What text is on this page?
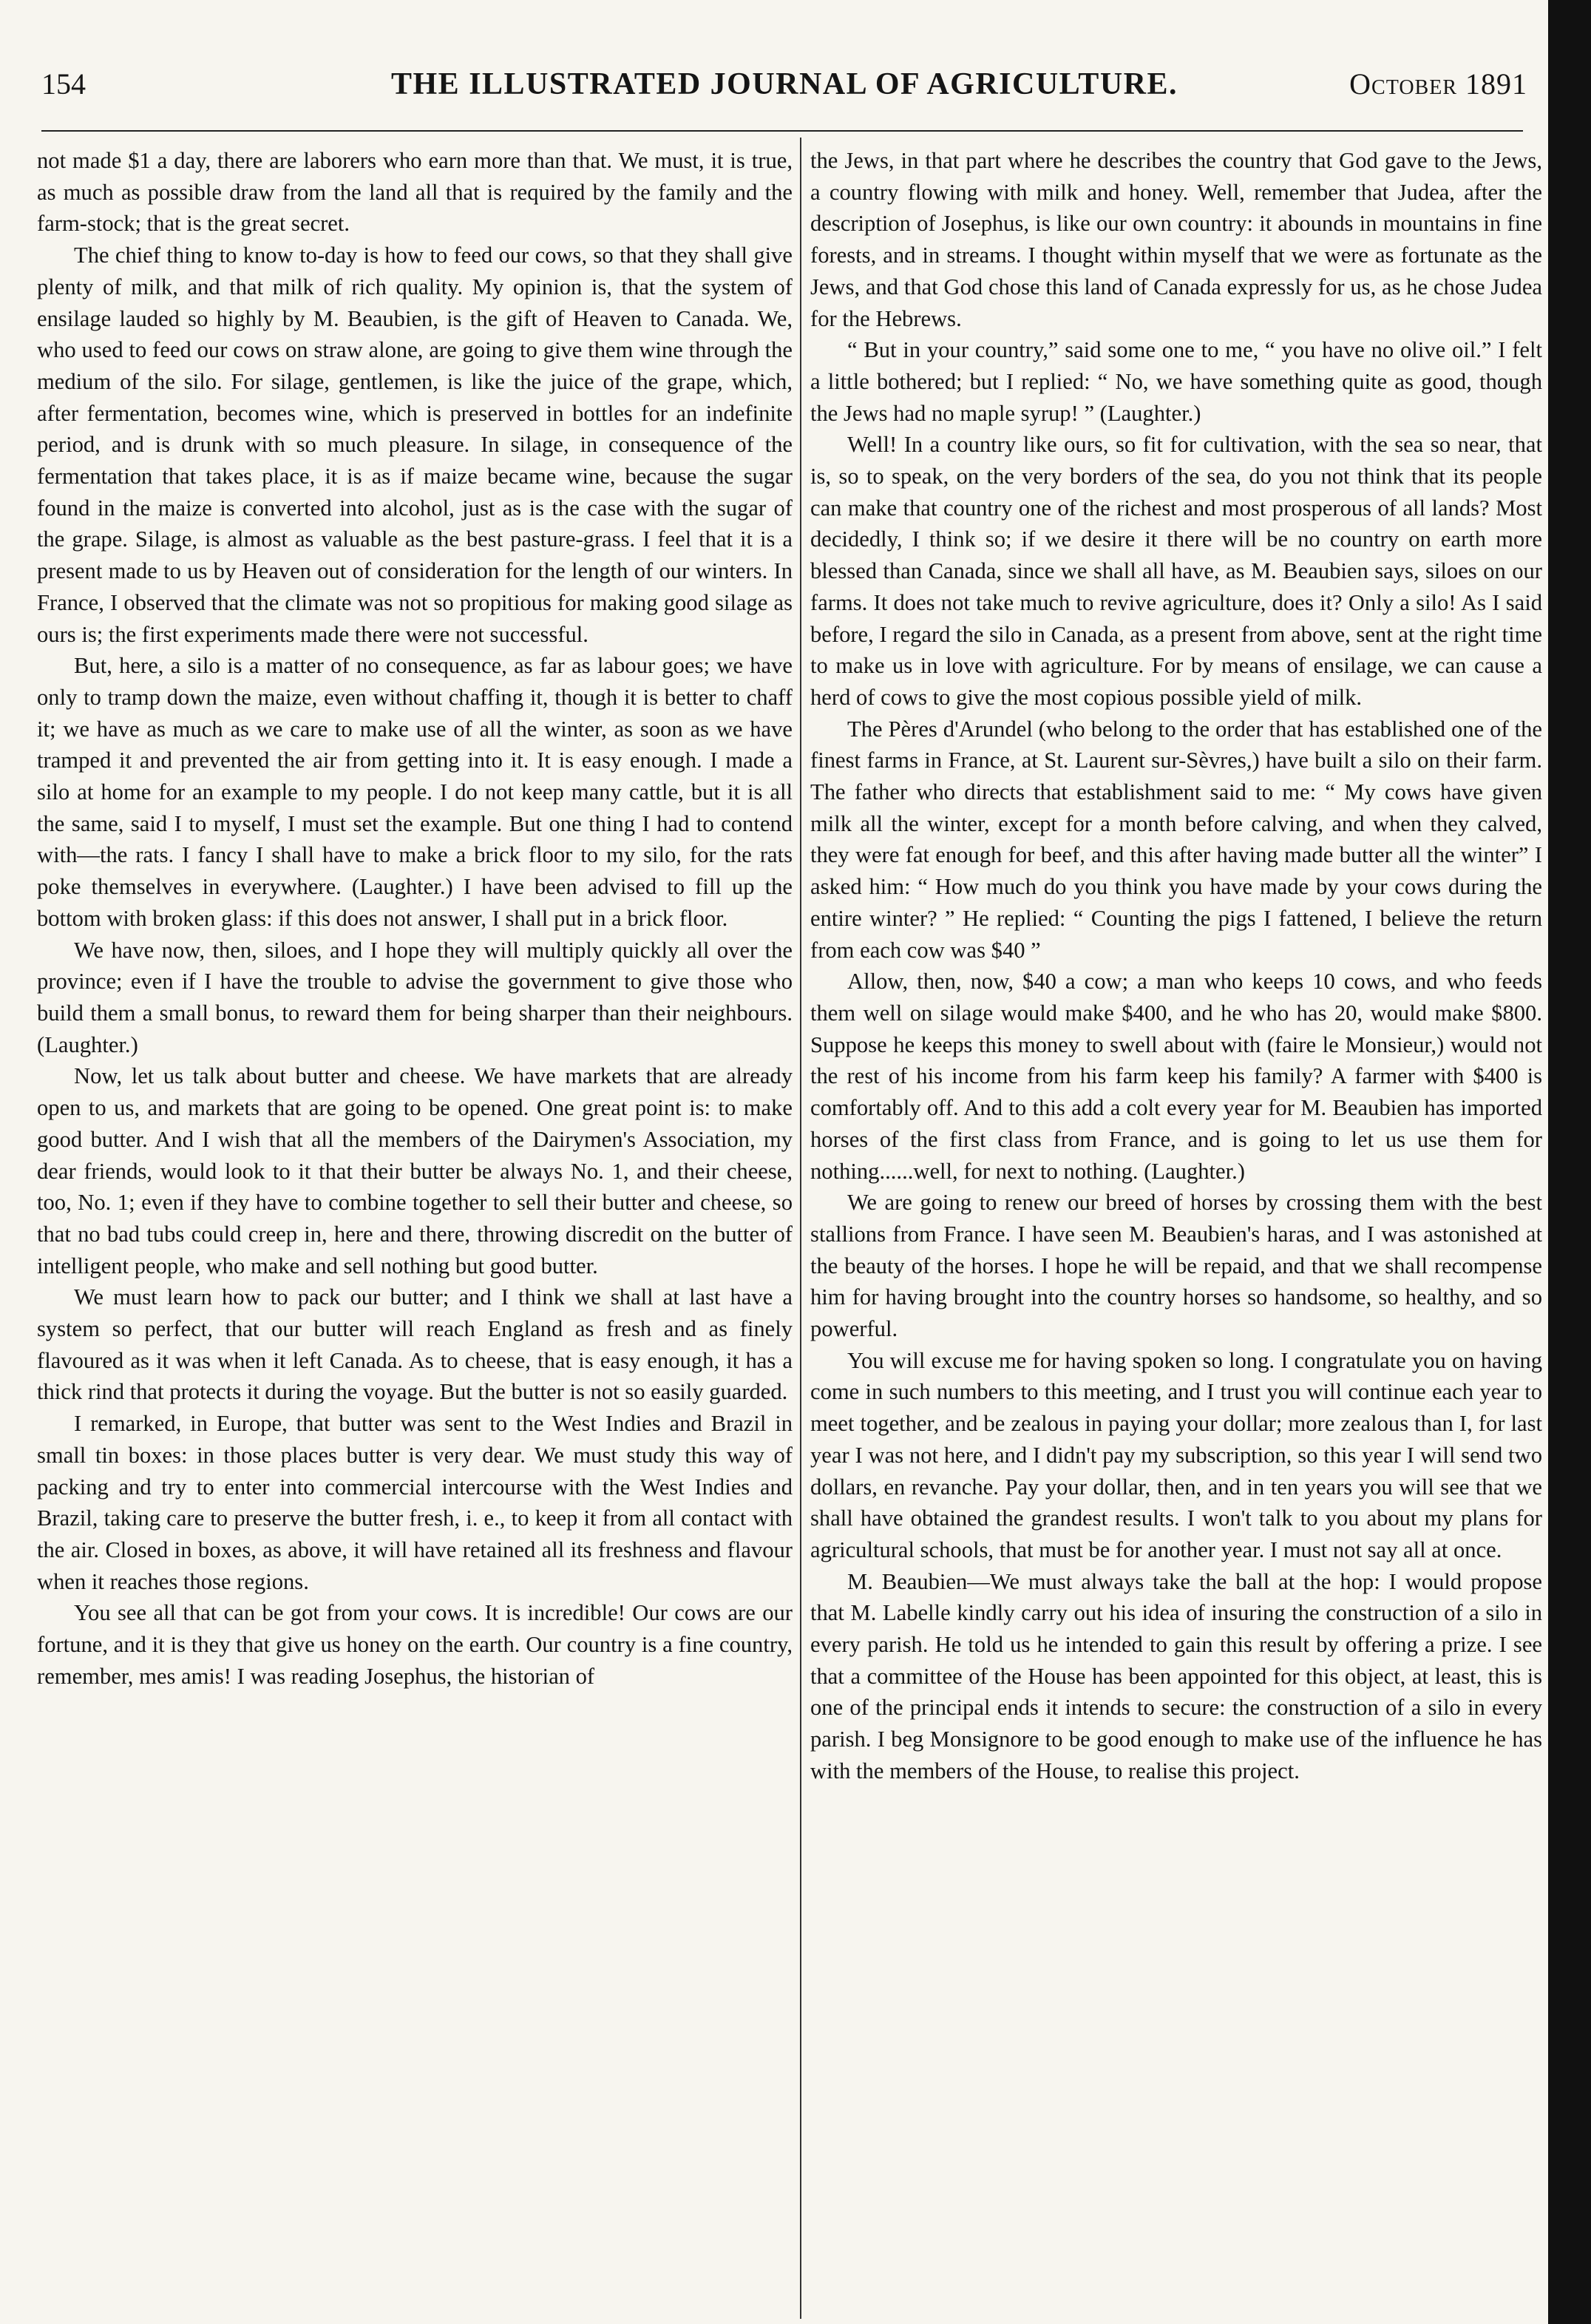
154	THE ILLUSTRATED JOURNAL OF AGRICULTURE.	October 1891

not made $1 a day, there are laborers who earn more than that. We must, it is true, as much as possible draw from the land all that is required by the family and the farm-stock; that is the great secret.

The chief thing to know to-day is how to feed our cows, so that they shall give plenty of milk, and that milk of rich quality. My opinion is, that the system of ensilage lauded so highly by M. Beaubien, is the gift of Heaven to Canada. We, who used to feed our cows on straw alone, are going to give them wine through the medium of the silo. For silage, gentlemen, is like the juice of the grape, which, after fermentation, becomes wine, which is preserved in bottles for an indefinite period, and is drunk with so much pleasure. In silage, in consequence of the fermentation that takes place, it is as if maize became wine, because the sugar found in the maize is converted into alcohol, just as is the case with the sugar of the grape. Silage, is almost as valuable as the best pasture-grass. I feel that it is a present made to us by Heaven out of consideration for the length of our winters. In France, I observed that the climate was not so propitious for making good silage as ours is; the first experiments made there were not successful.

But, here, a silo is a matter of no consequence, as far as labour goes; we have only to tramp down the maize, even without chaffing it, though it is better to chaff it; we have as much as we care to make use of all the winter, as soon as we have tramped it and prevented the air from getting into it. It is easy enough. I made a silo at home for an example to my people. I do not keep many cattle, but it is all the same, said I to myself, I must set the example. But one thing I had to contend with—the rats. I fancy I shall have to make a brick floor to my silo, for the rats poke themselves in everywhere. (Laughter.) I have been advised to fill up the bottom with broken glass: if this does not answer, I shall put in a brick floor.

We have now, then, siloes, and I hope they will multiply quickly all over the province; even if I have the trouble to advise the government to give those who build them a small bonus, to reward them for being sharper than their neighbours. (Laughter.)

Now, let us talk about butter and cheese. We have markets that are already open to us, and markets that are going to be opened. One great point is: to make good butter. And I wish that all the members of the Dairymen's Association, my dear friends, would look to it that their butter be always No. 1, and their cheese, too, No. 1; even if they have to combine together to sell their butter and cheese, so that no bad tubs could creep in, here and there, throwing discredit on the butter of intelligent people, who make and sell nothing but good butter.

We must learn how to pack our butter; and I think we shall at last have a system so perfect, that our butter will reach England as fresh and as finely flavoured as it was when it left Canada. As to cheese, that is easy enough, it has a thick rind that protects it during the voyage. But the butter is not so easily guarded.

I remarked, in Europe, that butter was sent to the West Indies and Brazil in small tin boxes: in those places butter is very dear. We must study this way of packing and try to enter into commercial intercourse with the West Indies and Brazil, taking care to preserve the butter fresh, i. e., to keep it from all contact with the air. Closed in boxes, as above, it will have retained all its freshness and flavour when it reaches those regions.

You see all that can be got from your cows. It is incredible! Our cows are our fortune, and it is they that give us honey on the earth. Our country is a fine country, remember, mes amis! I was reading Josephus, the historian of

the Jews, in that part where he describes the country that God gave to the Jews, a country flowing with milk and honey. Well, remember that Judea, after the description of Josephus, is like our own country: it abounds in mountains in fine forests, and in streams. I thought within myself that we were as fortunate as the Jews, and that God chose this land of Canada expressly for us, as he chose Judea for the Hebrews.

“ But in your country,” said some one to me, “ you have no olive oil.” I felt a little bothered; but I replied: “ No, we have something quite as good, though the Jews had no maple syrup! ” (Laughter.)

Well! In a country like ours, so fit for cultivation, with the sea so near, that is, so to speak, on the very borders of the sea, do you not think that its people can make that country one of the richest and most prosperous of all lands? Most decidedly, I think so; if we desire it there will be no country on earth more blessed than Canada, since we shall all have, as M. Beaubien says, siloes on our farms. It does not take much to revive agriculture, does it? Only a silo! As I said before, I regard the silo in Canada, as a present from above, sent at the right time to make us in love with agriculture. For by means of ensilage, we can cause a herd of cows to give the most copious possible yield of milk.

The Pères d'Arundel (who belong to the order that has established one of the finest farms in France, at St. Laurent sur-Sèvres,) have built a silo on their farm. The father who directs that establishment said to me: “ My cows have given milk all the winter, except for a month before calving, and when they calved, they were fat enough for beef, and this after having made butter all the winter” I asked him: “ How much do you think you have made by your cows during the entire winter? ” He replied: “ Counting the pigs I fattened, I believe the return from each cow was $40 ”

Allow, then, now, $40 a cow; a man who keeps 10 cows, and who feeds them well on silage would make $400, and he who has 20, would make $800. Suppose he keeps this money to swell about with (faire le Monsieur,) would not the rest of his income from his farm keep his family? A farmer with $400 is comfortably off. And to this add a colt every year for M. Beaubien has imported horses of the first class from France, and is going to let us use them for nothing......well, for next to nothing. (Laughter.)

We are going to renew our breed of horses by crossing them with the best stallions from France. I have seen M. Beaubien's haras, and I was astonished at the beauty of the horses. I hope he will be repaid, and that we shall recompense him for having brought into the country horses so handsome, so healthy, and so powerful.

You will excuse me for having spoken so long. I congratulate you on having come in such numbers to this meeting, and I trust you will continue each year to meet together, and be zealous in paying your dollar; more zealous than I, for last year I was not here, and I didn't pay my subscription, so this year I will send two dollars, en revanche. Pay your dollar, then, and in ten years you will see that we shall have obtained the grandest results. I won't talk to you about my plans for agricultural schools, that must be for another year. I must not say all at once.

M. Beaubien—We must always take the ball at the hop: I would propose that M. Labelle kindly carry out his idea of insuring the construction of a silo in every parish. He told us he intended to gain this result by offering a prize. I see that a committee of the House has been appointed for this object, at least, this is one of the principal ends it intends to secure: the construction of a silo in every parish. I beg Monsignore to be good enough to make use of the influence he has with the members of the House, to realise this project.
